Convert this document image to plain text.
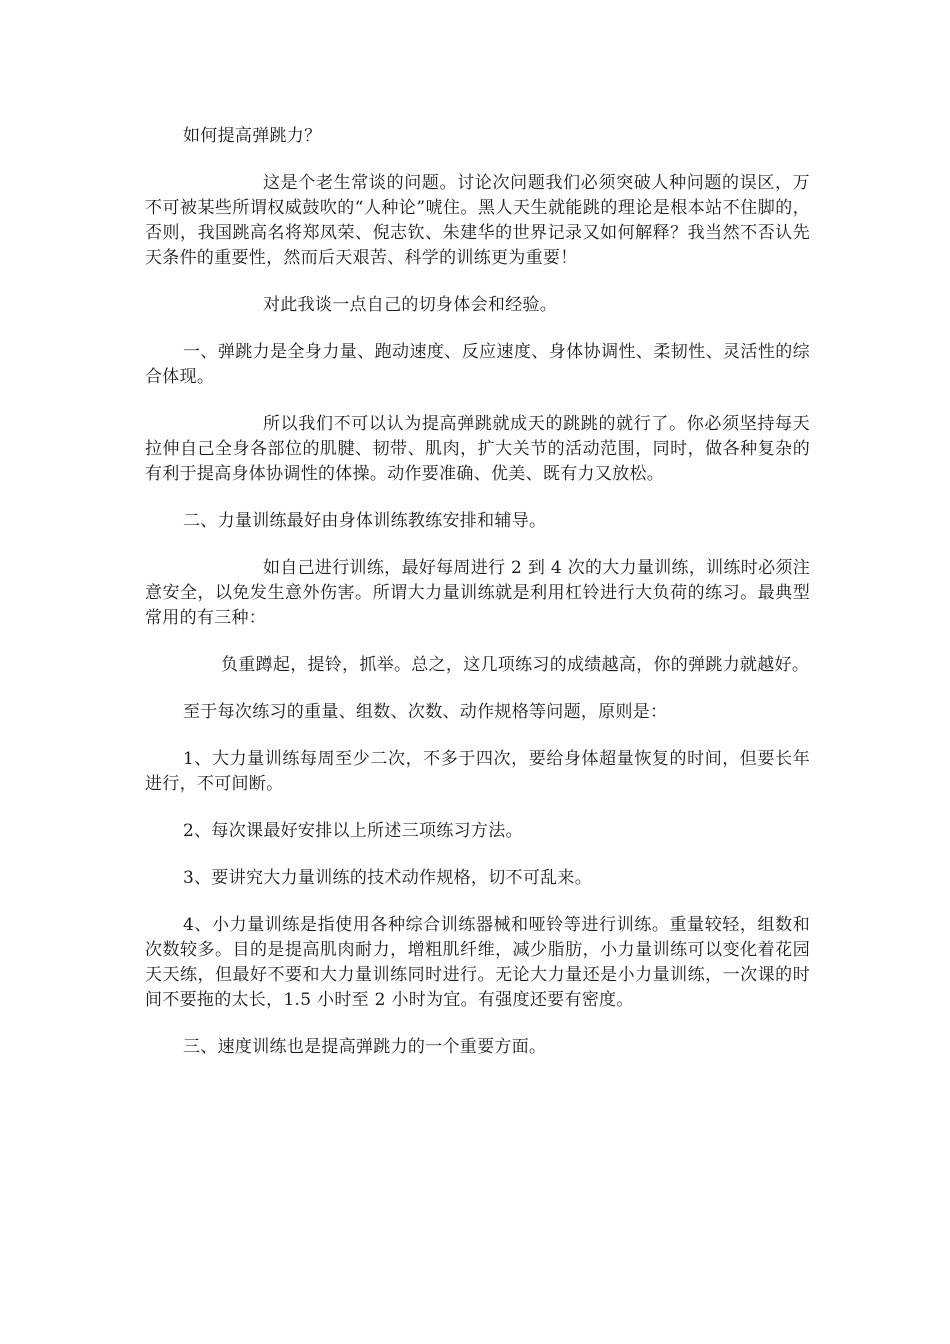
如何提高弹跳力？

这是个老生常谈的问题。讨论次问题我们必须突破人种问题的误区，万不可被某些所谓权威鼓吹的“人种论”唬住。黑人天生就能跳的理论是根本站不住脚的，否则，我国跳高名将郑凤荣、倪志钦、朱建华的世界记录又如何解释？我当然不否认先天条件的重要性，然而后天艰苦、科学的训练更为重要！

对此我谈一点自己的切身体会和经验。

一、弹跳力是全身力量、跑动速度、反应速度、身体协调性、柔韧性、灵活性的综合体现。

所以我们不可以认为提高弹跳就成天的跳跳的就行了。你必须坚持每天拉伸自己全身各部位的肌腱、韧带、肌肉，扩大关节的活动范围，同时，做各种复杂的有利于提高身体协调性的体操。动作要准确、优美、既有力又放松。

二、力量训练最好由身体训练教练安排和辅导。

如自己进行训练，最好每周进行 2 到 4 次的大力量训练，训练时必须注意安全，以免发生意外伤害。所谓大力量训练就是利用杠铃进行大负荷的练习。最典型常用的有三种：

负重蹲起，提铃，抓举。总之，这几项练习的成绩越高，你的弹跳力就越好。

至于每次练习的重量、组数、次数、动作规格等问题，原则是：

1、大力量训练每周至少二次，不多于四次，要给身体超量恢复的时间，但要长年进行，不可间断。

2、每次课最好安排以上所述三项练习方法。

3、要讲究大力量训练的技术动作规格，切不可乱来。

4、小力量训练是指使用各种综合训练器械和哑铃等进行训练。重量较轻，组数和次数较多。目的是提高肌肉耐力，增粗肌纤维，减少脂肪，小力量训练可以变化着花园天天练，但最好不要和大力量训练同时进行。无论大力量还是小力量训练，一次课的时间不要拖的太长，1.5 小时至 2 小时为宜。有强度还要有密度。

三、速度训练也是提高弹跳力的一个重要方面。
